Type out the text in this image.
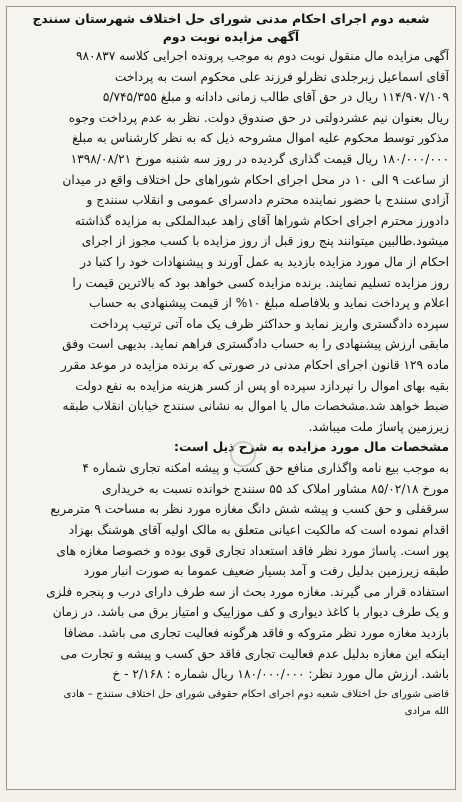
شعبه دوم اجرای احکام مدنی شورای حل اختلاف شهرستان سنندج

آگهی مزایده نوبت دوم

آگهی مزایده مال منقول نوبت دوم به موجب پرونده اجرایی کلاسه ۹۸۰۸۳۷
آقای اسماعیل زبرجلدی نظرلو فرزند علی محکوم است به پرداخت
۱۱۴/۹۰۷/۱۰۹ ریال در حق آقای طالب زمانی دادانه و مبلغ ۵/۷۴۵/۳۵۵
ریال بعنوان نیم عشردولتی در حق صندوق دولت. نظر به عدم پرداخت وجوه
مذکور توسط محکوم علیه اموال مشروحه ذیل که به نظر کارشناس به مبلغ
۱۸۰/۰۰۰/۰۰۰ ریال قیمت گذاری گردیده در روز سه شنبه مورخ ۱۳۹۸/۰۸/۲۱
از ساعت ۹ الی ۱۰ در محل اجرای احکام شوراهای حل اختلاف واقع در میدان
آزادی سنندج با حضور نماینده محترم دادسرای عمومی و انقلاب سنندج و
دادورز محترم اجرای احکام شوراها آقای زاهد عبدالملکی به مزایده گذاشته
میشود.طالبین میتوانند پنج روز قبل از روز مزایده با کسب مجوز از اجرای
احکام از مال مورد مزایده بازدید به عمل آورند و پیشنهادات خود را کتبا در
روز مزایده تسلیم نمایند. برنده مزایده کسی خواهد بود که بالاترین قیمت را
اعلام و پرداخت نماید و بلافاصله مبلغ ۱۰% از قیمت پیشنهادی به حساب
سپرده دادگستری واریز نماید و حداکثر ظرف یک ماه آتی ترتیب پرداخت
مابقی ارزش پیشنهادی را به حساب دادگستری فراهم نماید. بدیهی است وفق
ماده ۱۲۹ قانون اجرای احکام مدنی در صورتی که برنده مزایده در موعد مقرر
بقیه بهای اموال را نپردازد سپرده او پس از کسر هزینه مزایده به نفع دولت
ضبط خواهد شد.مشخصات مال یا اموال به نشانی سنندج خیابان انقلاب طبقه
زیرزمین پاساژ ملت میباشد.
مشخصات مال مورد مزایده به شرح ذیل است:
به موجب بیع نامه واگذاری منافع حق کسب و پیشه امکنه تجاری شماره ۴
مورخ ۸۵/۰۲/۱۸ مشاور املاک کد ۵۵ سنندج خوانده نسبت به خریداری
سرقفلی و حق کسب و پیشه شش دانگ مغازه مورد نظر به مساحت ۹ مترمربع
اقدام نموده است که مالکیت اعیانی متعلق به مالک اولیه آقای هوشنگ بهزاد
پور است. پاساژ مورد نظر فاقد استعداد تجاری قوی بوده و خصوصا مغازه های
طبقه زیرزمین بدلیل رفت و آمد بسیار ضعیف عموما به صورت انبار مورد
استفاده قرار می گیرند. مغازه مورد بحث از سه طرف دارای درب و پنجره فلزی
و یک طرف دیوار با کاغذ دیواری و کف موزاییک و امتیاز برق می باشد. در زمان
بازدید مغازه مورد نظر متروکه و فاقد هرگونه فعالیت تجاری می باشد. مضافا
اینکه این مغازه بدلیل عدم فعالیت تجاری فاقد حق کسب و پیشه و تجارت می
باشد. ارزش مال مورد نظر: ۱۸۰/۰۰۰/۰۰۰ ریال شماره : ۲/۱۶۸ - خ
قاضی شورای حل اختلاف شعبه دوم اجرای احکام حقوقی شورای حل اختلاف سنندج – هادی
الله مرادی
